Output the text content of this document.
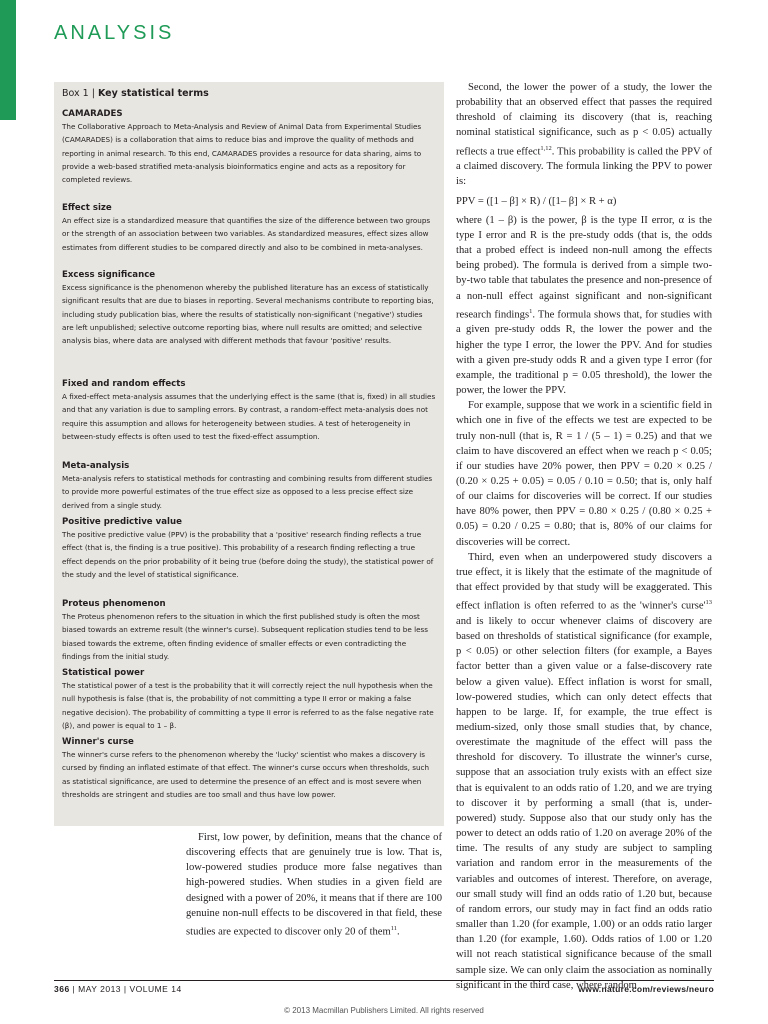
ANALYSIS
Box 1 | Key statistical terms
CAMARADES
The Collaborative Approach to Meta-Analysis and Review of Animal Data from Experimental Studies (CAMARADES) is a collaboration that aims to reduce bias and improve the quality of methods and reporting in animal research. To this end, CAMARADES provides a resource for data sharing, aims to provide a web-based stratified meta-analysis bioinformatics engine and acts as a repository for completed reviews.
Effect size
An effect size is a standardized measure that quantifies the size of the difference between two groups or the strength of an association between two variables. As standardized measures, effect sizes allow estimates from different studies to be compared directly and also to be combined in meta-analyses.
Excess significance
Excess significance is the phenomenon whereby the published literature has an excess of statistically significant results that are due to biases in reporting. Several mechanisms contribute to reporting bias, including study publication bias, where the results of statistically non-significant ('negative') studies are left unpublished; selective outcome reporting bias, where null results are omitted; and selective analysis bias, where data are analysed with different methods that favour 'positive' results.
Fixed and random effects
A fixed-effect meta-analysis assumes that the underlying effect is the same (that is, fixed) in all studies and that any variation is due to sampling errors. By contrast, a random-effect meta-analysis does not require this assumption and allows for heterogeneity between studies. A test of heterogeneity in between-study effects is often used to test the fixed-effect assumption.
Meta-analysis
Meta-analysis refers to statistical methods for contrasting and combining results from different studies to provide more powerful estimates of the true effect size as opposed to a less precise effect size derived from a single study.
Positive predictive value
The positive predictive value (PPV) is the probability that a 'positive' research finding reflects a true effect (that is, the finding is a true positive). This probability of a research finding reflecting a true effect depends on the prior probability of it being true (before doing the study), the statistical power of the study and the level of statistical significance.
Proteus phenomenon
The Proteus phenomenon refers to the situation in which the first published study is often the most biased towards an extreme result (the winner's curse). Subsequent replication studies tend to be less biased towards the extreme, often finding evidence of smaller effects or even contradicting the findings from the initial study.
Statistical power
The statistical power of a test is the probability that it will correctly reject the null hypothesis when the null hypothesis is false (that is, the probability of not committing a type II error or making a false negative decision). The probability of committing a type II error is referred to as the false negative rate (β), and power is equal to 1 – β.
Winner's curse
The winner's curse refers to the phenomenon whereby the 'lucky' scientist who makes a discovery is cursed by finding an inflated estimate of that effect. The winner's curse occurs when thresholds, such as statistical significance, are used to determine the presence of an effect and is most severe when thresholds are stringent and studies are too small and thus have low power.

First, low power, by definition, means that the chance of discovering effects that are genuinely true is low. That is, low-powered studies produce more false negatives than high-powered studies. When studies in a given field are designed with a power of 20%, it means that if there are 100 genuine non-null effects to be discovered in that field, these studies are expected to discover only 20 of them$^{11}$.

Second, the lower the power of a study, the lower the probability that an observed effect that passes the required threshold of claiming its discovery (that is, reaching nominal statistical significance, such as p < 0.05) actually reflects a true effect$^{1,12}$. This probability is called the PPV of a claimed discovery. The formula linking the PPV to power is:

PPV = ([1 – β] × R) / ([1– β] × R + α)

where (1 – β) is the power, β is the type II error, α is the type I error and R is the pre-study odds (that is, the odds that a probed effect is indeed non-null among the effects being probed). The formula is derived from a simple two-by-two table that tabulates the presence and non-presence of a non-null effect against significant and non-significant research findings$^1$. The formula shows that, for studies with a given pre-study odds R, the lower the power and the higher the type I error, the lower the PPV. And for studies with a given pre-study odds R and a given type I error (for example, the traditional p = 0.05 threshold), the lower the power, the lower the PPV.

For example, suppose that we work in a scientific field in which one in five of the effects we test are expected to be truly non-null (that is, R = 1 / (5 – 1) = 0.25) and that we claim to have discovered an effect when we reach p < 0.05; if our studies have 20% power, then PPV = 0.20 × 0.25 / (0.20 × 0.25 + 0.05) = 0.05 / 0.10 = 0.50; that is, only half of our claims for discoveries will be correct. If our studies have 80% power, then PPV = 0.80 × 0.25 / (0.80 × 0.25 + 0.05) = 0.20 / 0.25 = 0.80; that is, 80% of our claims for discoveries will be correct.

Third, even when an underpowered study discovers a true effect, it is likely that the estimate of the magnitude of that effect provided by that study will be exaggerated. This effect inflation is often referred to as the 'winner's $curse'^{13}$ and is likely to occur whenever claims of discovery are based on thresholds of statistical significance (for example, p < 0.05) or other selection filters (for example, a Bayes factor better than a given value or a false-discovery rate below a given value). Effect inflation is worst for small, low-powered studies, which can only detect effects that happen to be large. If, for example, the true effect is medium-sized, only those small studies that, by chance, overestimate the magnitude of the effect will pass the threshold for discovery. To illustrate the winner's curse, suppose that an association truly exists with an effect size that is equivalent to an odds ratio of 1.20, and we are trying to discover it by performing a small (that is, under-powered) study. Suppose also that our study only has the power to detect an odds ratio of 1.20 on average 20% of the time. The results of any study are subject to sampling variation and random error in the measurements of the variables and outcomes of interest. Therefore, on average, our small study will find an odds ratio of 1.20 but, because of random errors, our study may in fact find an odds ratio smaller than 1.20 (for example, 1.00) or an odds ratio larger than 1.20 (for example, 1.60). Odds ratios of 1.00 or 1.20 will not reach statistical significance because of the small sample size. We can only claim the association as nominally significant in the third case, where random

366 | MAY 2013 | VOLUME 14	www.nature.com/reviews/neuro
© 2013 Macmillan Publishers Limited. All rights reserved
